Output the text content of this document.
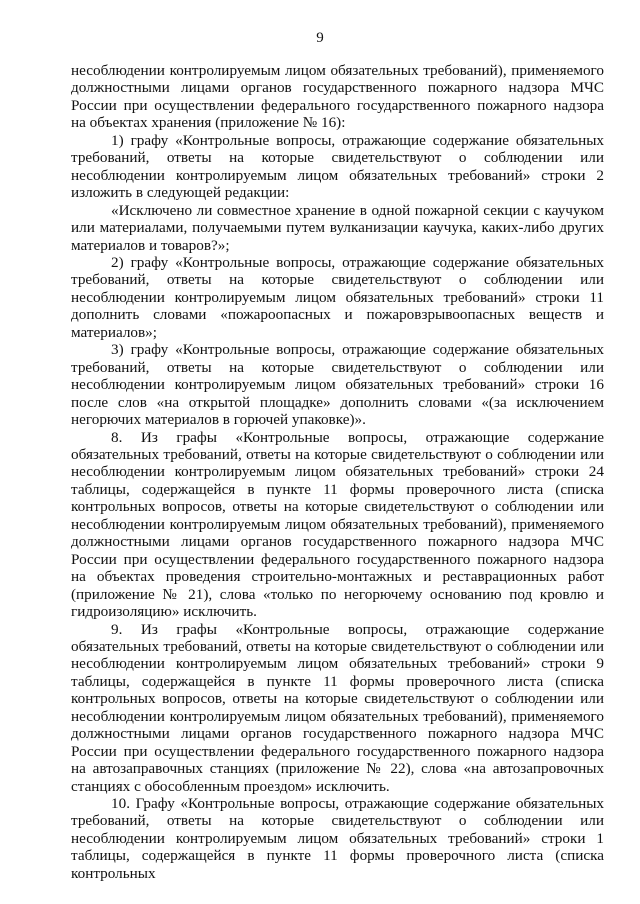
9

несоблюдении контролируемым лицом обязательных требований), применяемого должностными лицами органов государственного пожарного надзора МЧС России при осуществлении федерального государственного пожарного надзора на объектах хранения (приложение № 16):

1) графу «Контрольные вопросы, отражающие содержание обязательных требований, ответы на которые свидетельствуют о соблюдении или несоблюдении контролируемым лицом обязательных требований» строки 2 изложить в следующей редакции:

«Исключено ли совместное хранение в одной пожарной секции с каучуком или материалами, получаемыми путем вулканизации каучука, каких-либо других материалов и товаров?»;

2) графу «Контрольные вопросы, отражающие содержание обязательных требований, ответы на которые свидетельствуют о соблюдении или несоблюдении контролируемым лицом обязательных требований» строки 11 дополнить словами «пожароопасных и пожаровзрывоопасных веществ и материалов»;

3) графу «Контрольные вопросы, отражающие содержание обязательных требований, ответы на которые свидетельствуют о соблюдении или несоблюдении контролируемым лицом обязательных требований» строки 16 после слов «на открытой площадке» дополнить словами «(за исключением негорючих материалов в горючей упаковке)».

8. Из графы «Контрольные вопросы, отражающие содержание обязательных требований, ответы на которые свидетельствуют о соблюдении или несоблюдении контролируемым лицом обязательных требований» строки 24 таблицы, содержащейся в пункте 11 формы проверочного листа (списка контрольных вопросов, ответы на которые свидетельствуют о соблюдении или несоблюдении контролируемым лицом обязательных требований), применяемого должностными лицами органов государственного пожарного надзора МЧС России при осуществлении федерального государственного пожарного надзора на объектах проведения строительно-монтажных и реставрационных работ (приложение № 21), слова «только по негорючему основанию под кровлю и гидроизоляцию» исключить.

9. Из графы «Контрольные вопросы, отражающие содержание обязательных требований, ответы на которые свидетельствуют о соблюдении или несоблюдении контролируемым лицом обязательных требований» строки 9 таблицы, содержащейся в пункте 11 формы проверочного листа (списка контрольных вопросов, ответы на которые свидетельствуют о соблюдении или несоблюдении контролируемым лицом обязательных требований), применяемого должностными лицами органов государственного пожарного надзора МЧС России при осуществлении федерального государственного пожарного надзора на автозаправочных станциях (приложение № 22), слова «на автозапровочных станциях с обособленным проездом» исключить.

10. Графу «Контрольные вопросы, отражающие содержание обязательных требований, ответы на которые свидетельствуют о соблюдении или несоблюдении контролируемым лицом обязательных требований» строки 1 таблицы, содержащейся в пункте 11 формы проверочного листа (списка контрольных
